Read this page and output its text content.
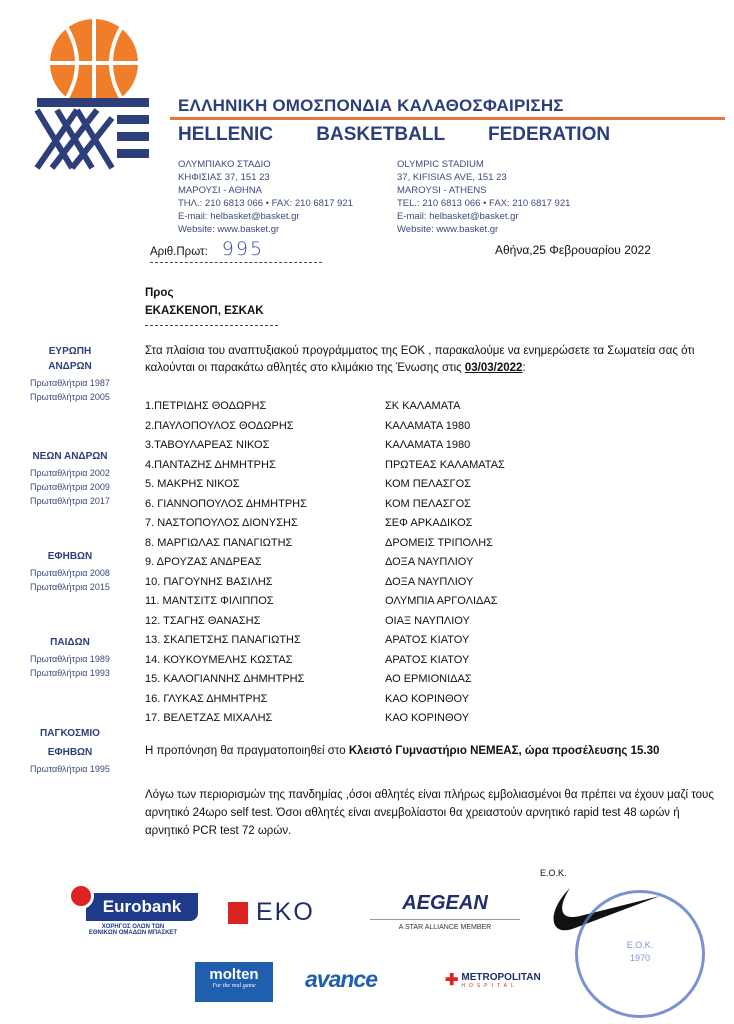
ΕΛΛΗΝΙΚΗ ΟΜΟΣΠΟΝΔΙΑ ΚΑΛΑΘΟΣΦΑΙΡΙΣΗΣ
HELLENIC BASKETBALL FEDERATION
ΟΛΥΜΠΙΑΚΟ ΣΤΑΔΙΟ
ΚΗΦΙΣΙΑΣ 37, 151 23
ΜΑΡΟΥΣΙ - ΑΘΗΝΑ
ΤΗΛ.: 210 6813 066 • FAX: 210 6817 921
E-mail: helbasket@basket.gr
Website: www.basket.gr
OLYMPIC STADIUM
37, KIFISIAS AVE, 151 23
MAROYSI - ATHENS
TEL.: 210 6813 066 • FAX: 210 6817 921
E-mail: helbasket@basket.gr
Website: www.basket.gr
Αριθ.Πρωτ: 995	Αθήνα,25 Φεβρουαρίου 2022
Προς
ΕΚΑΣΚΕΝΟΠ, ΕΣΚΑΚ
ΕΥΡΩΠΗ
ΑΝΔΡΩΝ
Πρωταθλήτρια 1987
Πρωταθλήτρια 2005
ΝΕΩΝ ΑΝΔΡΩΝ
Πρωταθλήτρια 2002
Πρωταθλήτρια 2009
Πρωταθλήτρια 2017
ΕΦΗΒΩΝ
Πρωταθλήτρια 2008
Πρωταθλήτρια 2015
ΠΑΙΔΩΝ
Πρωταθλήτρια 1989
Πρωταθλήτρια 1993
ΠΑΓΚΟΣΜΙΟ
ΕΦΗΒΩΝ
Πρωταθλήτρια 1995
Στα πλαίσια του αναπτυξιακού προγράμματος της ΕΟΚ , παρακαλούμε να ενημερώσετε τα Σωματεία σας ότι καλούνται οι παρακάτω αθλητές στο κλιμάκιο της Ένωσης στις 03/03/2022:
1.ΠΕΤΡΙΔΗΣ ΘΟΔΩΡΗΣ	ΣΚ ΚΑΛΑΜΑΤΑ
2.ΠΑΥΛΟΠΟΥΛΟΣ ΘΟΔΩΡΗΣ	ΚΑΛΑΜΑΤΑ 1980
3.ΤΑΒΟΥΛΑΡΕΑΣ ΝΙΚΟΣ	ΚΑΛΑΜΑΤΑ 1980
4.ΠΑΝΤΑΖΗΣ ΔΗΜΗΤΡΗΣ	ΠΡΩΤΕΑΣ ΚΑΛΑΜΑΤΑΣ
5. ΜΑΚΡΗΣ ΝΙΚΟΣ	ΚΟΜ ΠΕΛΑΣΓΟΣ
6. ΓΙΑΝΝΟΠΟΥΛΟΣ ΔΗΜΗΤΡΗΣ	ΚΟΜ ΠΕΛΑΣΓΟΣ
7. ΝΑΣΤΟΠΟΥΛΟΣ ΔΙΟΝΥΣΗΣ	ΣΕΦ ΑΡΚΑΔΙΚΟΣ
8. ΜΑΡΓΙΩΛΑΣ ΠΑΝΑΓΙΩΤΗΣ	ΔΡΟΜΕΙΣ ΤΡΙΠΟΛΗΣ
9. ΔΡΟΥΖΑΣ ΑΝΔΡΕΑΣ	ΔΟΞΑ ΝΑΥΠΛΙΟΥ
10. ΠΑΓΟΥΝΗΣ ΒΑΣΙΛΗΣ	ΔΟΞΑ ΝΑΥΠΛΙΟΥ
11. ΜΑΝΤΣΙΤΣ ΦΙΛΙΠΠΟΣ	ΟΛΥΜΠΙΑ ΑΡΓΟΛΙΔΑΣ
12. ΤΣΑΓΗΣ ΘΑΝΑΣΗΣ	ΟΙΑΞ ΝΑΥΠΛΙΟΥ
13. ΣΚΑΠΕΤΣΗΣ ΠΑΝΑΓΙΩΤΗΣ	ΑΡΑΤΟΣ ΚΙΑΤΟΥ
14. ΚΟΥΚΟΥΜΕΛΗΣ ΚΩΣΤΑΣ	ΑΡΑΤΟΣ ΚΙΑΤΟΥ
15. ΚΑΛΟΓΙΑΝΝΗΣ ΔΗΜΗΤΡΗΣ	ΑΟ ΕΡΜΙΟΝΙΔΑΣ
16. ΓΛΥΚΑΣ ΔΗΜΗΤΡΗΣ	ΚΑΟ ΚΟΡΙΝΘΟΥ
17. ΒΕΛΕΤΖΑΣ ΜΙΧΑΛΗΣ	ΚΑΟ ΚΟΡΙΝΘΟΥ
Η προπόνηση θα πραγματοποιηθεί στο Κλειστό Γυμναστήριο ΝΕΜΕΑΣ, ώρα προσέλευσης 15.30
Λόγω των περιορισμών της πανδημίας ,όσοι αθλητές είναι πλήρως εμβολιασμένοι θα πρέπει να έχουν μαζί τους αρνητικό 24ωρο self test. Όσοι αθλητές είναι ανεμβολίαστοι θα χρειαστούν αρνητικό rapid test 48 ωρών ή αρνητικό PCR test 72 ωρών.
Eurobank
ΧΟΡΗΓΟΣ ΟΛΩΝ ΤΩΝ
ΕΘΝΙΚΩΝ ΟΜΑΔΩΝ ΜΠΑΣΚΕΤ
EKO	AEGEAN
A STAR ALLIANCE MEMBER
Ε.Ο.Κ.
Ε.Ο.Κ.
1970
molten
For the real game	avance	✚ METROPOLITAN
HOSPITAL
